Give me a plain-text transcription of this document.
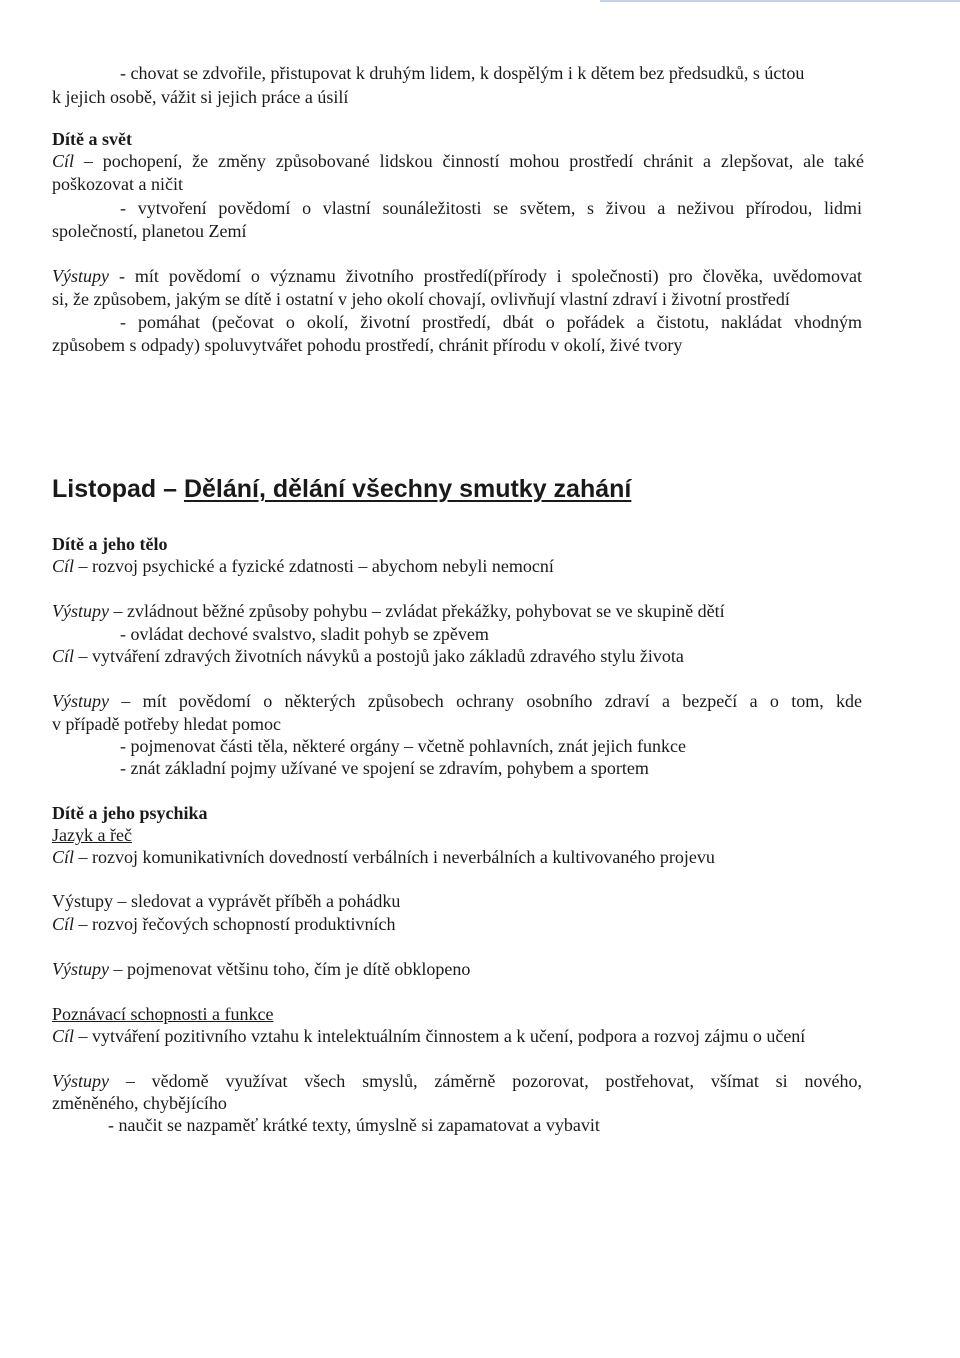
- chovat se zdvořile, přistupovat k druhým lidem, k dospělým i k dětem bez předsudků, s úctou
k jejich osobě, vážit si jejich práce a úsilí
Dítě a svět
Cíl – pochopení, že změny způsobované lidskou činností mohou prostředí chránit a zlepšovat, ale také
poškozovat a ničit
- vytvoření povědomí o vlastní sounáležitosti se světem, s živou a neživou přírodou, lidmi
společností, planetou Zemí
Výstupy - mít povědomí o významu životního prostředí(přírody i společnosti) pro člověka, uvědomovat
si, že způsobem, jakým se dítě i ostatní v jeho okolí chovají, ovlivňují vlastní zdraví i životní prostředí
- pomáhat (pečovat o okolí, životní prostředí, dbát o pořádek a čistotu, nakládat vhodným
způsobem s odpady) spoluvytvářet pohodu prostředí, chránit přírodu v okolí, živé tvory
Listopad – Dělání, dělání všechny smutky zahání
Dítě a jeho tělo
Cíl – rozvoj psychické a fyzické zdatnosti – abychom nebyli nemocní
Výstupy – zvládnout běžné způsoby pohybu – zvládat překážky, pohybovat se ve skupině dětí
- ovládat dechové svalstvo, sladit pohyb se zpěvem
Cíl – vytváření zdravých životních návyků a postojů jako základů zdravého stylu života
Výstupy – mít povědomí o některých způsobech ochrany osobního zdraví a bezpečí a o tom, kde
v případě potřeby hledat pomoc
- pojmenovat části těla, některé orgány – včetně pohlavních, znát jejich funkce
- znát základní pojmy užívané ve spojení se zdravím, pohybem a sportem
Dítě a jeho psychika
Jazyk a řeč
Cíl – rozvoj komunikativních dovedností verbálních i neverbálních a kultivovaného projevu
Výstupy – sledovat a vyprávět příběh a pohádku
Cíl – rozvoj řečových schopností produktivních
Výstupy – pojmenovat většinu toho, čím je dítě obklopeno
Poznávací schopnosti a funkce
Cíl – vytváření pozitivního vztahu k intelektuálním činnostem a k učení, podpora a rozvoj zájmu o učení
Výstupy – vědomě využívat všech smyslů, záměrně pozorovat, postřehovat, všímat si nového,
změněného, chybějícího
- naučit se nazpaměť krátké texty, úmyslně si zapamatovat a vybavit
